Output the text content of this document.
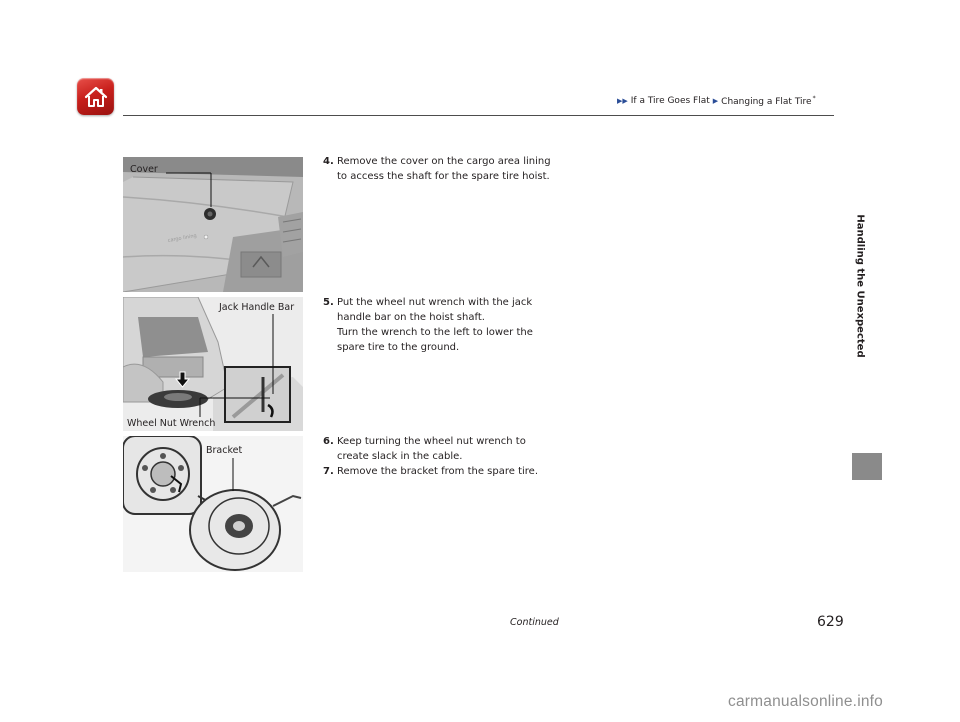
▶▶ If a Tire Goes Flat ▶ Changing a Flat Tire*
Handling the Unexpected
cargo lining
Cover
Jack Handle Bar
Wheel Nut Wrench
Bracket
4. Remove the cover on the cargo area lining
to access the shaft for the spare tire hoist.
5. Put the wheel nut wrench with the jack
handle bar on the hoist shaft.
Turn the wrench to the left to lower the
spare tire to the ground.
6. Keep turning the wheel nut wrench to
create slack in the cable.
7. Remove the bracket from the spare tire.
Continued	629
carmanualsonline.info
